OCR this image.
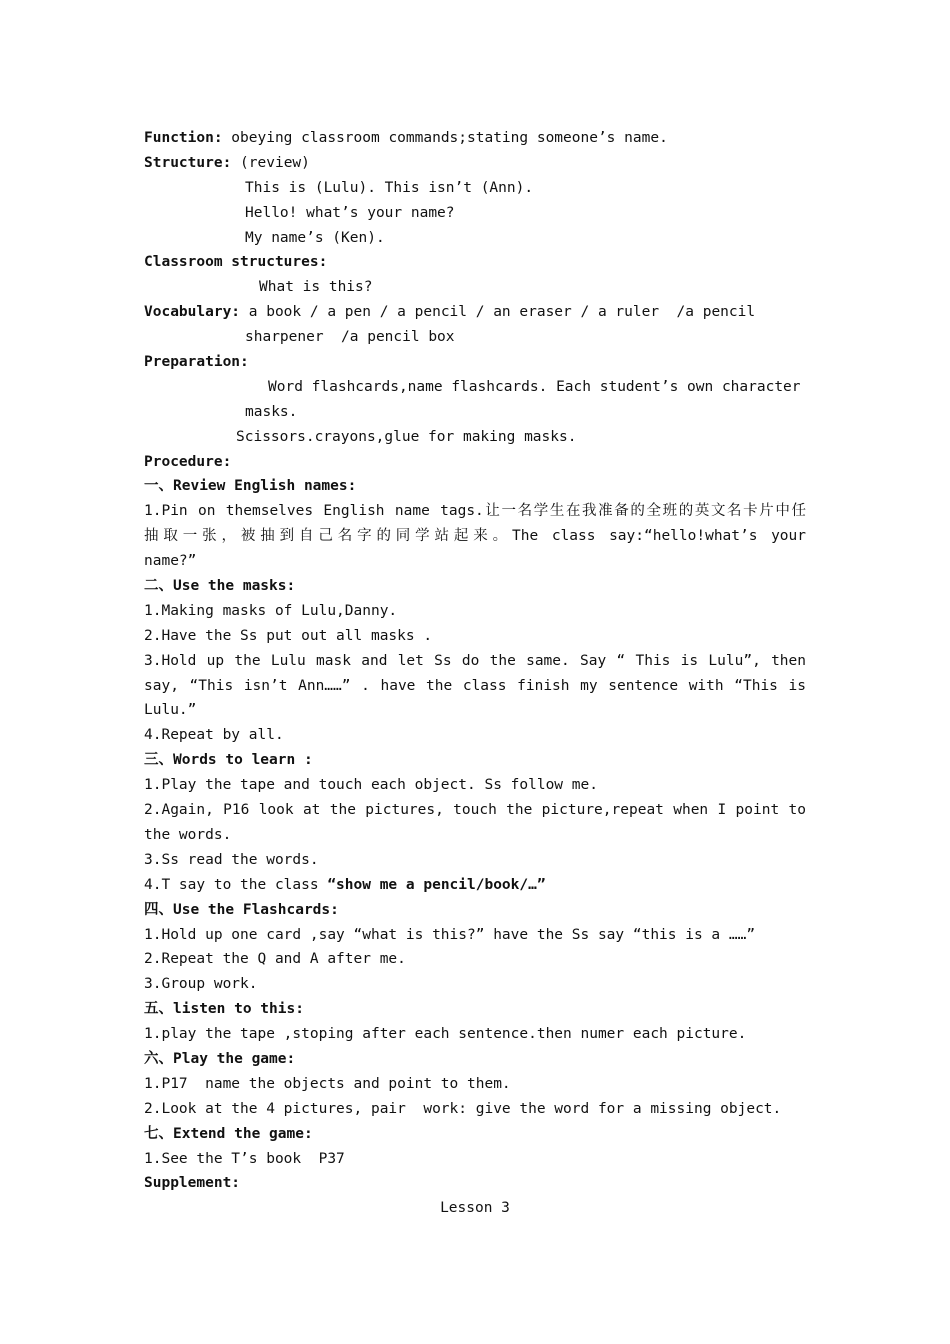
Function: obeying classroom commands;stating someone’s name.
Structure: (review)
This is (Lulu). This isn’t (Ann).
Hello! what’s your name?
My name’s (Ken).
Classroom structures:
What is this?
Vocabulary: a book / a pen / a pencil / an eraser / a ruler  /a pencil
sharpener  /a pencil box
Preparation:
Word flashcards,name flashcards. Each student’s own character
masks.
Scissors.crayons,glue for making masks.
Procedure:
一、Review English names:
1.Pin on themselves English name tags.让一名学生在我准备的全班的英文名卡片中任
抽取一张，被抽到自己名字的同学站起来。The class say:“hello!what’s your
name?”
二、Use the masks:
1.Making masks of Lulu,Danny.
2.Have the Ss put out all masks .
3.Hold up the Lulu mask and let Ss do the same. Say “ This is Lulu”, then
say, “This isn’t Ann……” . have the class finish my sentence with “This is
Lulu.”
4.Repeat by all.
三、Words to learn :
1.Play the tape and touch each object. Ss follow me.
2.Again, P16 look at the pictures, touch the picture,repeat when I point to
the words.
3.Ss read the words.
4.T say to the class “show me a pencil/book/…”
四、Use the Flashcards:
1.Hold up one card ,say “what is this?” have the Ss say “this is a ……”
2.Repeat the Q and A after me.
3.Group work.
五、listen to this:
1.play the tape ,stoping after each sentence.then numer each picture.
六、Play the game:
1.P17  name the objects and point to them.
2.Look at the 4 pictures, pair  work: give the word for a missing object.
七、Extend the game:
1.See the T’s book  P37
Supplement:
Lesson 3
